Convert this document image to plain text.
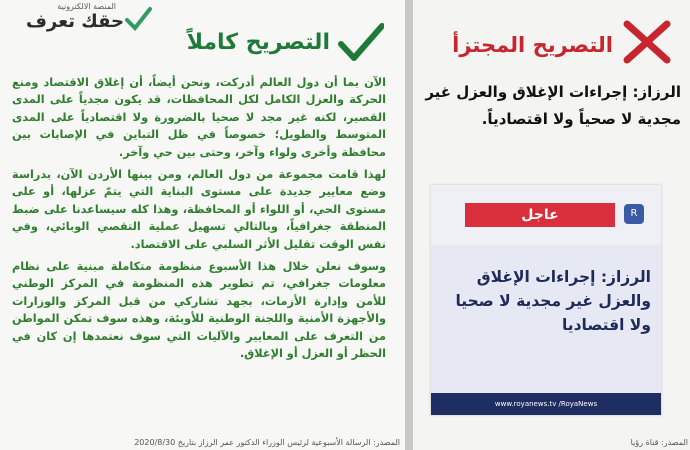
المنصة الالكترونية
حقك تعرف
التصريح كاملاً

الآن بما أن دول العالم أدركت، ونحن أيضاً، أن إغلاق الاقتصاد ومنع الحركة والعزل الكامل لكل المحافظات، قد يكون مجدياً على المدى القصير، لكنه غير مجد لا صحيا بالضرورة ولا اقتصادياً على المدى المتوسط والطويل؛ خصوصاً في ظل التباين في الإصابات بين محافظة وأخرى ولواء وآخر، وحتى بين حي وآخر.

لهذا قامت مجموعة من دول العالم، ومن بينها الأردن الآن، بدراسة وضع معايير جديدة على مستوى البناية التي يتمّ عزلها، أو على مستوى الحي، أو اللواء أو المحافظة، وهذا كله سيساعدنا على ضبط المنطقة جغرافياً، وبالتالي تسهيل عملية التقصي الوبائي، وفي نفس الوقت تقليل الأثر السلبي على الاقتصاد.

وسوف نعلن خلال هذا الأسبوع منظومة متكاملة مبنية على نظام معلومات جغرافي، تم تطوير هذه المنظومة في المركز الوطني للأمن وإدارة الأزمات، بجهد تشاركي من قبل المركز والوزارات والأجهزة الأمنية واللجنة الوطنية للأوبئة، وهذه سوف تمكن المواطن من التعرف على المعايير والآليات التي سوف نعتمدها إن كان في الحظر أو العزل أو الإغلاق.

المصدر: الرسالة الأسبوعية لرئيس الوزراء الدكتور عمر الرزاز بتاريخ 2020/8/30
التصريح المجتزأ
الرزاز: إجراءات الإغلاق والعزل غير مجدية لا صحياً ولا اقتصادياً.
عاجل	R
الرزاز: إجراءات الإغلاق والعزل غير مجدية لا صحيا ولا اقتصاديا
www.royanews.tv /RoyaNews
المصدر: قناة رؤيا
